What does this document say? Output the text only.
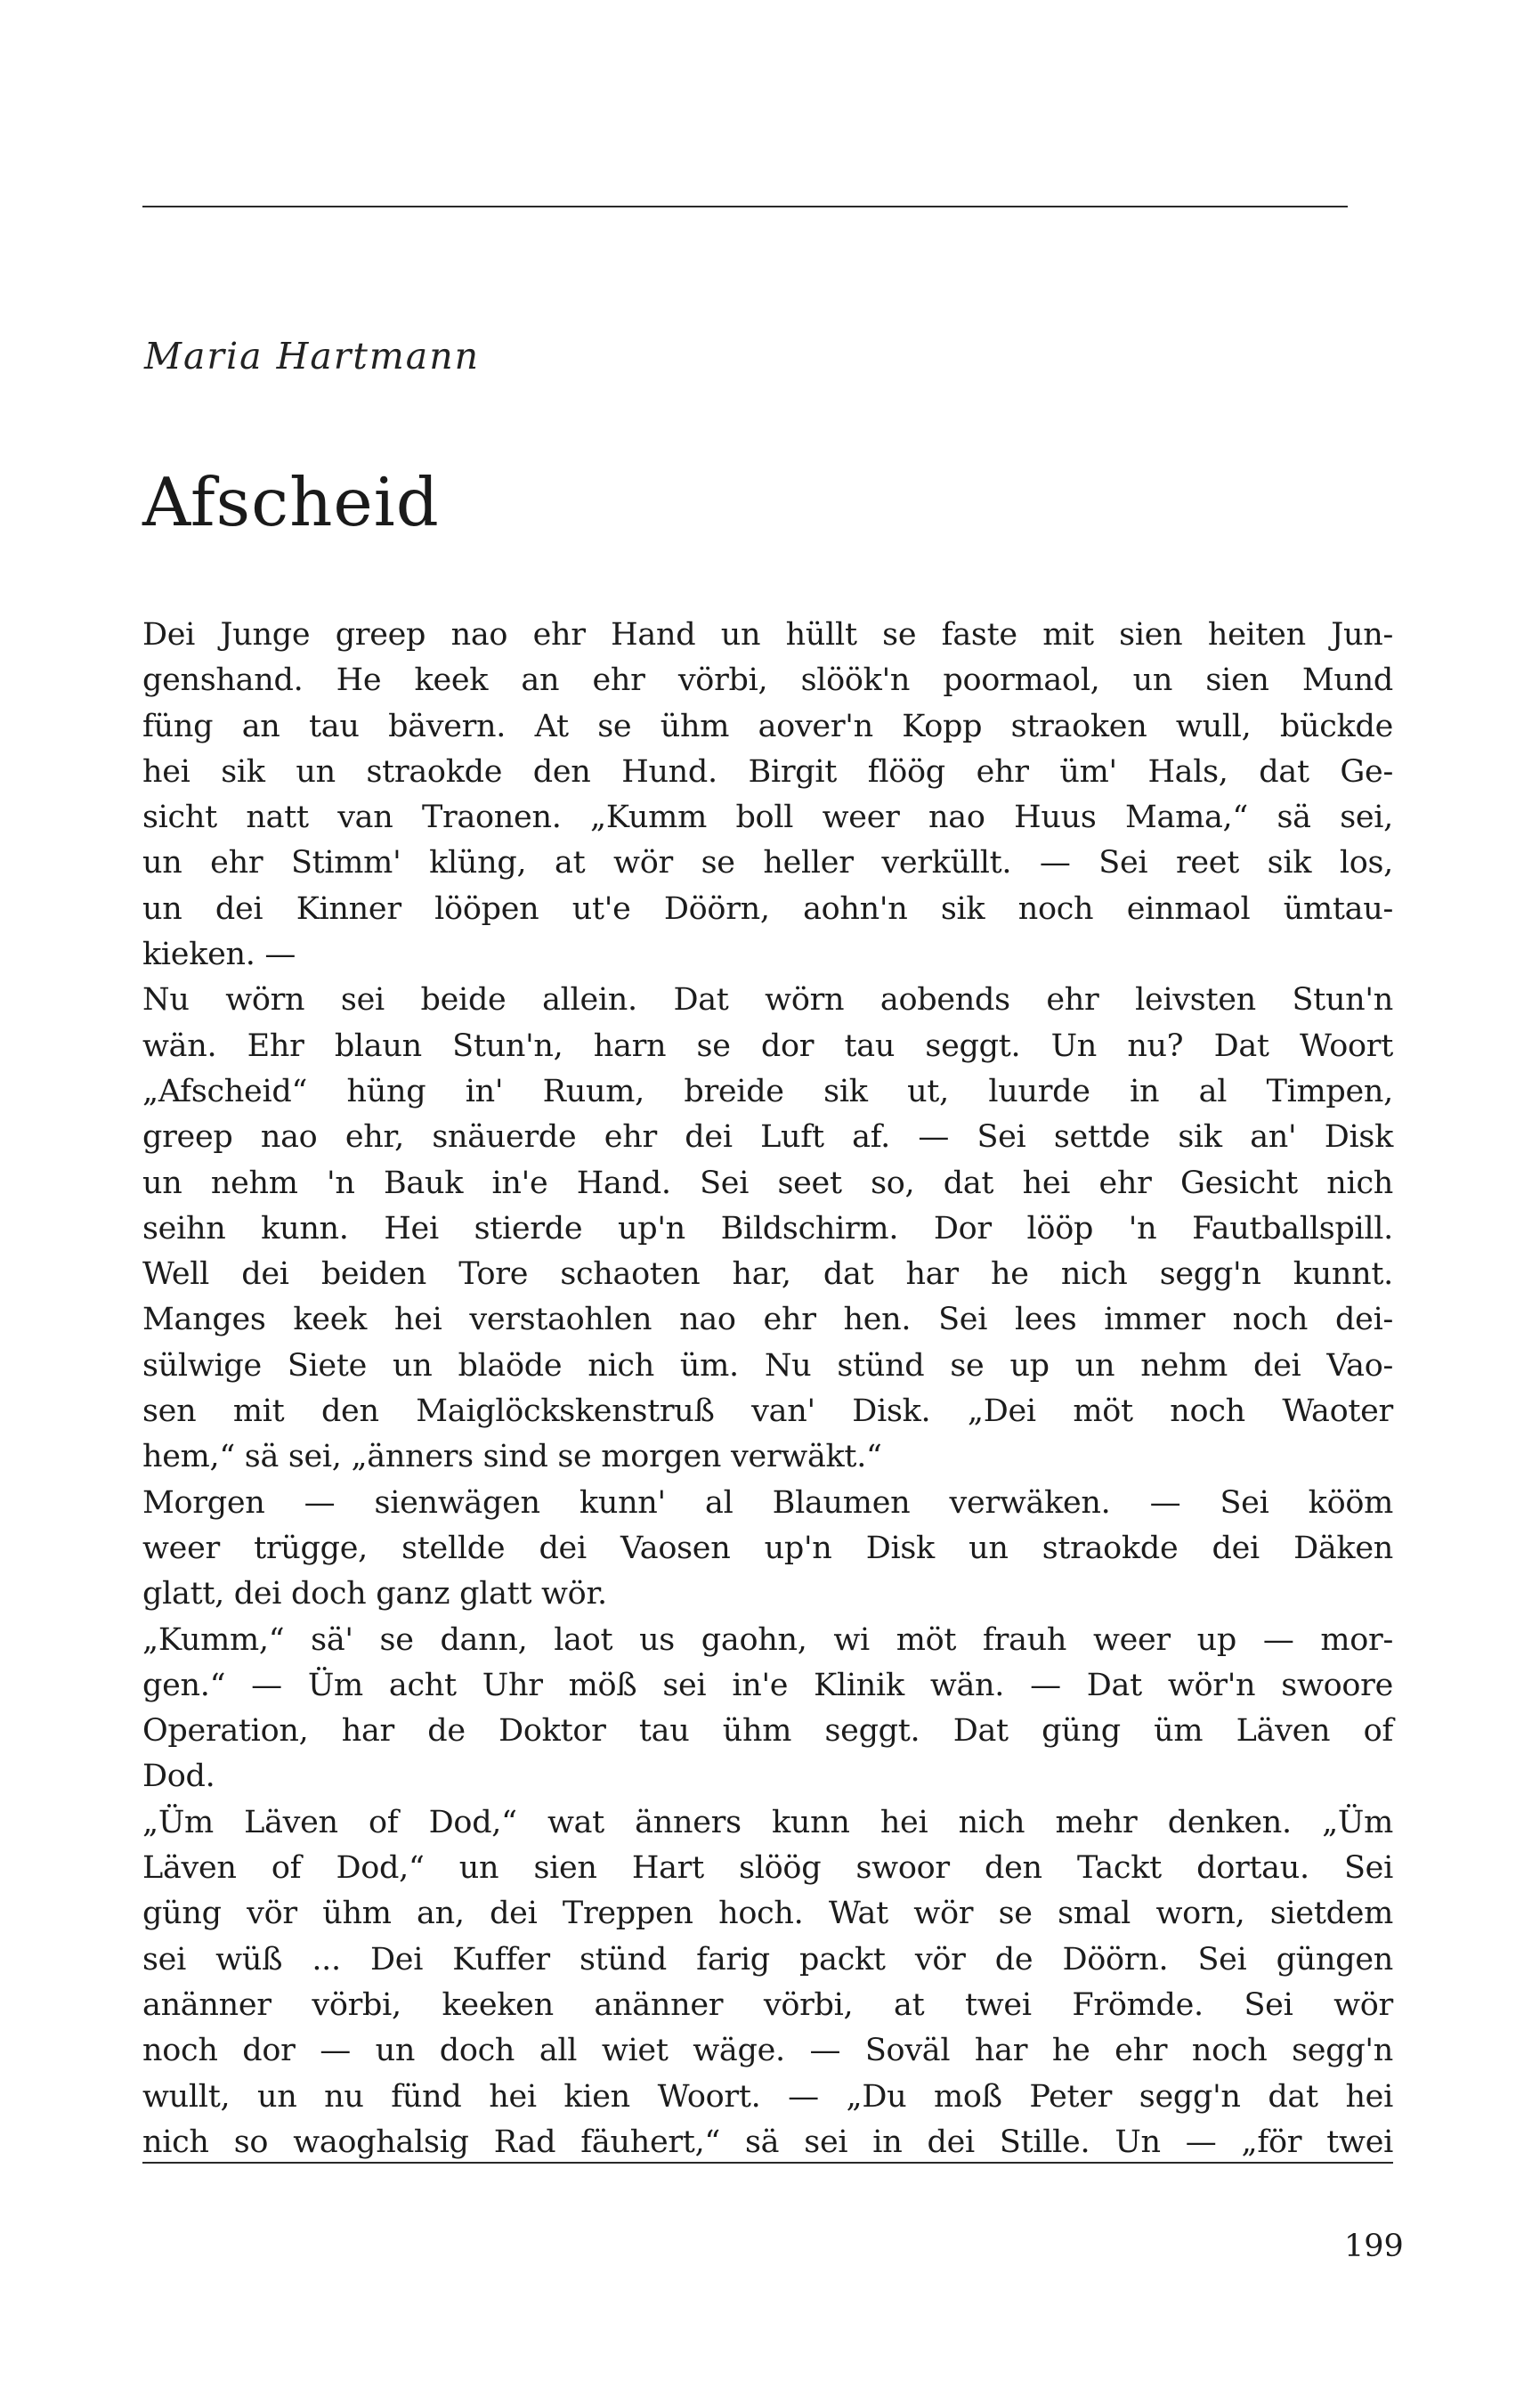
Maria Hartmann
Afscheid
Dei Junge greep nao ehr Hand un hüllt se faste mit sien heiten Jun-
genshand. He keek an ehr vörbi, slöök'n poormaol, un sien Mund
füng an tau bävern. At se ühm aover'n Kopp straoken wull, bückde
hei sik un straokde den Hund. Birgit flöög ehr üm' Hals, dat Ge-
sicht natt van Traonen. „Kumm boll weer nao Huus Mama,“ sä sei,
un ehr Stimm' klüng, at wör se heller verküllt. — Sei reet sik los,
un dei Kinner lööpen ut'e Döörn, aohn'n sik noch einmaol ümtau-
kieken. —
Nu wörn sei beide allein. Dat wörn aobends ehr leivsten Stun'n
wän. Ehr blaun Stun'n, harn se dor tau seggt. Un nu? Dat Woort
„Afscheid“ hüng in' Ruum, breide sik ut, luurde in al Timpen,
greep nao ehr, snäuerde ehr dei Luft af. — Sei settde sik an' Disk
un nehm 'n Bauk in'e Hand. Sei seet so, dat hei ehr Gesicht nich
seihn kunn. Hei stierde up'n Bildschirm. Dor lööp 'n Fautballspill.
Well dei beiden Tore schaoten har, dat har he nich segg'n kunnt.
Manges keek hei verstaohlen nao ehr hen. Sei lees immer noch dei-
sülwige Siete un blaöde nich üm. Nu stünd se up un nehm dei Vao-
sen mit den Maiglöckskenstruß van' Disk. „Dei möt noch Waoter
hem,“ sä sei, „änners sind se morgen verwäkt.“
Morgen — sienwägen kunn' al Blaumen verwäken. — Sei kööm
weer trügge, stellde dei Vaosen up'n Disk un straokde dei Däken
glatt, dei doch ganz glatt wör.
„Kumm,“ sä' se dann, laot us gaohn, wi möt frauh weer up — mor-
gen.“ — Üm acht Uhr möß sei in'e Klinik wän. — Dat wör'n swoore
Operation, har de Doktor tau ühm seggt. Dat güng üm Läven of
Dod.
„Üm Läven of Dod,“ wat änners kunn hei nich mehr denken. „Üm
Läven of Dod,“ un sien Hart slöög swoor den Tackt dortau. Sei
güng vör ühm an, dei Treppen hoch. Wat wör se smal worn, sietdem
sei wüß ... Dei Kuffer stünd farig packt vör de Döörn. Sei güngen
anänner vörbi, keeken anänner vörbi, at twei Frömde. Sei wör
noch dor — un doch all wiet wäge. — Soväl har he ehr noch segg'n
wullt, un nu fünd hei kien Woort. — „Du moß Peter segg'n dat hei
nich so waoghalsig Rad fäuhert,“ sä sei in dei Stille. Un — „för twei
199
